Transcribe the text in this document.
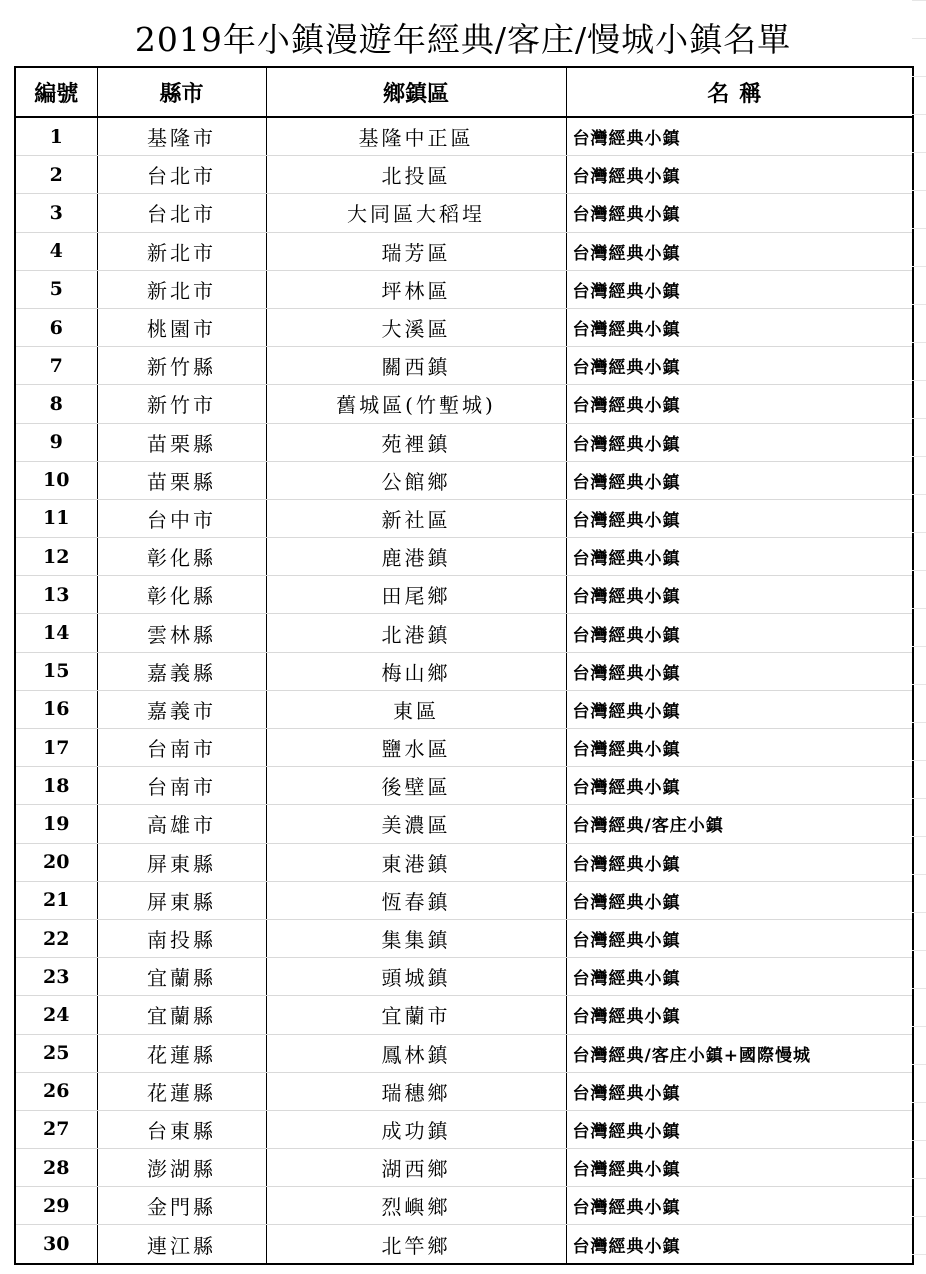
2019年小鎮漫遊年經典/客庄/慢城小鎮名單
編號	縣市	鄉鎮區	名稱
1	基隆市	基隆中正區	台灣經典小鎮
2	台北市	北投區	台灣經典小鎮
3	台北市	大同區大稻埕	台灣經典小鎮
4	新北市	瑞芳區	台灣經典小鎮
5	新北市	坪林區	台灣經典小鎮
6	桃園市	大溪區	台灣經典小鎮
7	新竹縣	關西鎮	台灣經典小鎮
8	新竹市	舊城區(竹塹城)	台灣經典小鎮
9	苗栗縣	苑裡鎮	台灣經典小鎮
10	苗栗縣	公館鄉	台灣經典小鎮
11	台中市	新社區	台灣經典小鎮
12	彰化縣	鹿港鎮	台灣經典小鎮
13	彰化縣	田尾鄉	台灣經典小鎮
14	雲林縣	北港鎮	台灣經典小鎮
15	嘉義縣	梅山鄉	台灣經典小鎮
16	嘉義市	東區	台灣經典小鎮
17	台南市	鹽水區	台灣經典小鎮
18	台南市	後壁區	台灣經典小鎮
19	高雄市	美濃區	台灣經典/客庄小鎮
20	屏東縣	東港鎮	台灣經典小鎮
21	屏東縣	恆春鎮	台灣經典小鎮
22	南投縣	集集鎮	台灣經典小鎮
23	宜蘭縣	頭城鎮	台灣經典小鎮
24	宜蘭縣	宜蘭市	台灣經典小鎮
25	花蓮縣	鳳林鎮	台灣經典/客庄小鎮+國際慢城
26	花蓮縣	瑞穗鄉	台灣經典小鎮
27	台東縣	成功鎮	台灣經典小鎮
28	澎湖縣	湖西鄉	台灣經典小鎮
29	金門縣	烈嶼鄉	台灣經典小鎮
30	連江縣	北竿鄉	台灣經典小鎮
